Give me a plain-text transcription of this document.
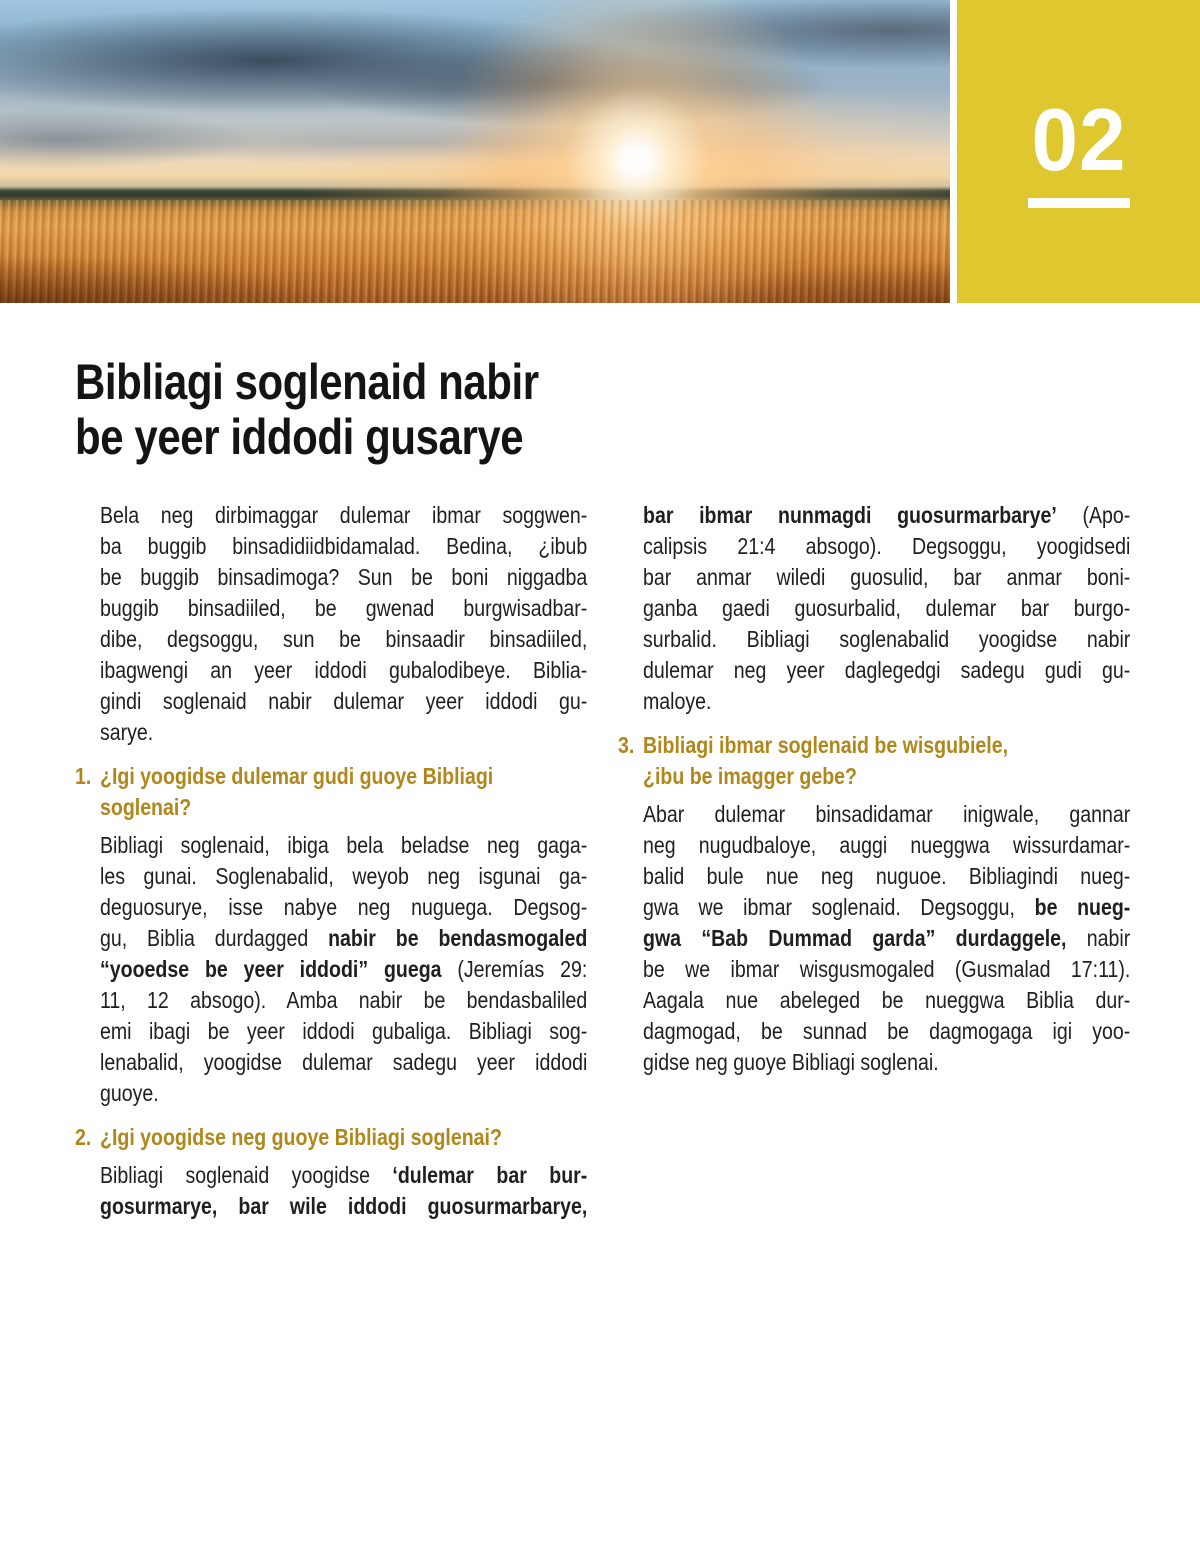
02
Bibliagi soglenaid nabir
be yeer iddodi gusarye
Bela neg dirbimaggar dulemar ibmar soggwen-
ba buggib binsadidiidbidamalad. Bedina, ¿ibub
be buggib binsadimoga? Sun be boni niggadba
buggib binsadiiled, be gwenad burgwisadbar-
dibe, degsoggu, sun be binsaadir binsadiiled,
ibagwengi an yeer iddodi gubalodibeye. Biblia-
gindi soglenaid nabir dulemar yeer iddodi gu-
sarye.
1. ¿Igi yoogidse dulemar gudi guoye Bibliagi
soglenai?
Bibliagi soglenaid, ibiga bela beladse neg gaga-
les gunai. Soglenabalid, weyob neg isgunai ga-
deguosurye, isse nabye neg nuguega. Degsog-
gu, Biblia durdagged nabir be bendasmogaled
“yooedse be yeer iddodi” guega (Jeremías 29:
11, 12 absogo). Amba nabir be bendasbaliled
emi ibagi be yeer iddodi gubaliga. Bibliagi sog-
lenabalid, yoogidse dulemar sadegu yeer iddodi
guoye.
2. ¿Igi yoogidse neg guoye Bibliagi soglenai?
Bibliagi soglenaid yoogidse ‘dulemar bar bur-
gosurmarye, bar wile iddodi guosurmarbarye,
bar ibmar nunmagdi guosurmarbarye’ (Apo-
calipsis 21:4 absogo). Degsoggu, yoogidsedi
bar anmar wiledi guosulid, bar anmar boni-
ganba gaedi guosurbalid, dulemar bar burgo-
surbalid. Bibliagi soglenabalid yoogidse nabir
dulemar neg yeer daglegedgi sadegu gudi gu-
maloye.
3. Bibliagi ibmar soglenaid be wisgubiele,
¿ibu be imagger gebe?
Abar dulemar binsadidamar inigwale, gannar
neg nugudbaloye, auggi nueggwa wissurdamar-
balid bule nue neg nuguoe. Bibliagindi nueg-
gwa we ibmar soglenaid. Degsoggu, be nueg-
gwa “Bab Dummad garda” durdaggele, nabir
be we ibmar wisgusmogaled (Gusmalad 17:11).
Aagala nue abeleged be nueggwa Biblia dur-
dagmogad, be sunnad be dagmogaga igi yoo-
gidse neg guoye Bibliagi soglenai.
